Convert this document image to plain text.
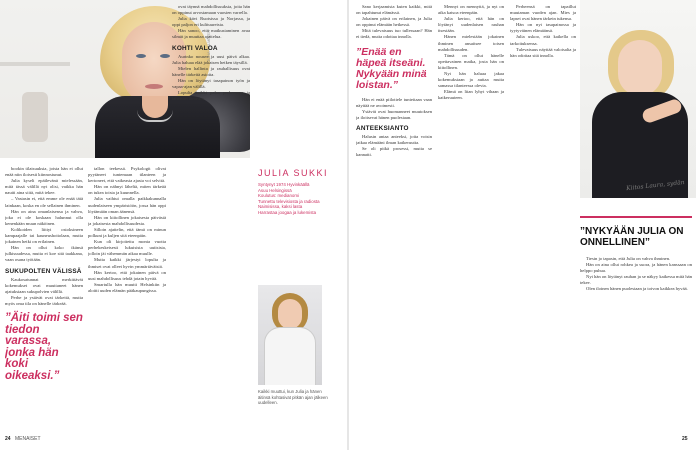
JUHA SALMINEN

bookin tilaisuuksia, joista hän ei ollut enää niin iloisesti kiinnostunut.

Julia kyseli epäilevänä mielessään, mitä tässä välillä nyt olisi, vaikka hän nautti aina siitä, mitä tekee.

– Vastasin ei, että emme ole enää tätä lainkaan, koska en ole sellainen ihminen.

Hän on aina omanlaisensa ja vahva, joka ei ole koskaan halunnut olla kenenkään muun näköinen.

Kolikoiden liittyi ostoksineen kampaajalle tai kauneushoitolaan, mutta jokainen hetki on erilainen.

Hän on ollut koko ikänsä julkisuudessa, mutta ei koe sitä taakkana, vaan osana työtään.

SUKUPOLTEN VÄLISSÄ

Kaukosatunnat merkittävät kokemukset ovat muuttaneet hänen ajatuksiaan sukupolvien välillä.

Perhe ja ystävät ovat tärkeitä, mutta myös oma tila on hänelle tärkeää.

”Äiti toimi sen tiedon varassa, jonka hän koki oikeaksi.”

tallon teekessä. Psykologit olivat pyytäneet tuntemaan tilanteen ja kertoneet, että vaikeasta ajasta voi selvitä.

Hän on nähnyt läheltä, miten tärkeää on tukea toista ja kuunnella.

Julia vaihtui omalla paikkakunnalla uudenlaiseen ympäristöön, jossa hän oppi löytämään oman äänensä.

Hän on kiitollinen jokaisesta päivästä ja jokaisesta mahdollisuudesta.

Silloin ajattelin, että tämä on minun polkuni ja kuljen sitä eteenpäin.

Kun oli kirjoitettu monta vuotta perhekeskeisesti lukuisista uutisista, jolloin jäi vähemmän aikaa muulle.

Mutta kaikki järjestyi lopulta ja ihmiset ovat olleet hyvin ymmärtäväisiä.

Hän kertoo, että jokainen päivä on uusi mahdollisuus tehdä jotain hyvää.

Smartulla hän muutti Helsinkiin ja aloitti uuden elämän pääkaupungissa.

ovat täynnä mahdollisuuksia, joita hän on oppinut arvostamaan vuosien varrella.

Julia kävi Ruotsissa ja Norjassa, ja oppi paljon eri kulttuureista.

Hän sanoo, että matkustaminen avaa silmät ja muuttaa ajattelua.

KOHTI VALOA

Aurinko nousee ja uusi päivä alkaa. Julia haluaa elää jokaisen hetken täysillä.

Mielen hallinta ja rauhallisuus ovat hänelle tärkeitä asioita.

Hän on löytänyt tasapainon työn ja vapaa-ajan välillä.

Lopulta kaikki palaa perheeseen ja läheisiin ihmisiin.

JULIA SUKKI
Syntynyt 1974 Hyvinkäällä
Asuu Helsingissä
Koulutus: medianomi
Tunnettu televisiosta ja radiosta
Naimisissa, kaksi lasta
Harrastaa joogaa ja lukemista
Kaikki muuttui, kun Julia ja hänen äitinsä kohtasivat pitkän ajan jälkeen uudelleen.

Sano kerjaamista kuten kaikki, mitä on tapahtunut elämässä.

Jokainen päivä on erilainen, ja Julia on oppinut elämään hetkessä.

Mitä tulevaisuus tuo tullessaan? Hän ei tiedä, mutta odottaa innolla.

”Enää en häpeä itseäni. Nykyään minä loistan.”

Hän ei enää piilottele tunteitaan vaan näyttää ne avoimesti.

Ystävät ovat huomanneet muutoksen ja iloitsevat hänen puolestaan.

ANTEEKSIANTO

Halusin antaa anteeksi, jotta voisin jatkaa elämääni ilman katkeruutta.

Se oli pitkä prosessi, mutta se kannatti.

Mennyt on mennyttä, ja nyt on aika katsoa eteenpäin.

Julia kertoo, että hän on löytänyt uudenlaisen rauhan itsestään.

Hänen mielestään jokainen ihminen ansaitsee toisen mahdollisuuden.

Tämä on ollut hänelle opettavainen matka, josta hän on kiitollinen.

Nyt hän haluaa jakaa kokemuksiaan ja auttaa muita samassa tilanteessa olevia.

Elämä on liian lyhyt vihaan ja katkeruuteen.

Perheensä on tapaillut muutaman vuoden ajan. Mies ja lapset ovat hänen tärkein tukensa.

Hän on nyt tasapainossa ja tyytyväinen elämäänsä.

Julia uskoo, että kaikella on tarkoituksensa.

Tulevaisuus näyttää valoisalta ja hän odottaa sitä innolla.

Kiitos Laura, sydän
”NYKYÄÄN JULIA ON ONNELLINEN”

Tiesin jo tapasin, että Julia on vahva ihminen.

Hän on aina ollut rohkea ja suora, ja hänen kanssaan on helppo puhua.

Nyt hän on löytänyt rauhan ja se näkyy kaikessa mitä hän tekee.

Olen iloinen hänen puolestaan ja toivon kaikkea hyvää.

24 MENAISET	25
